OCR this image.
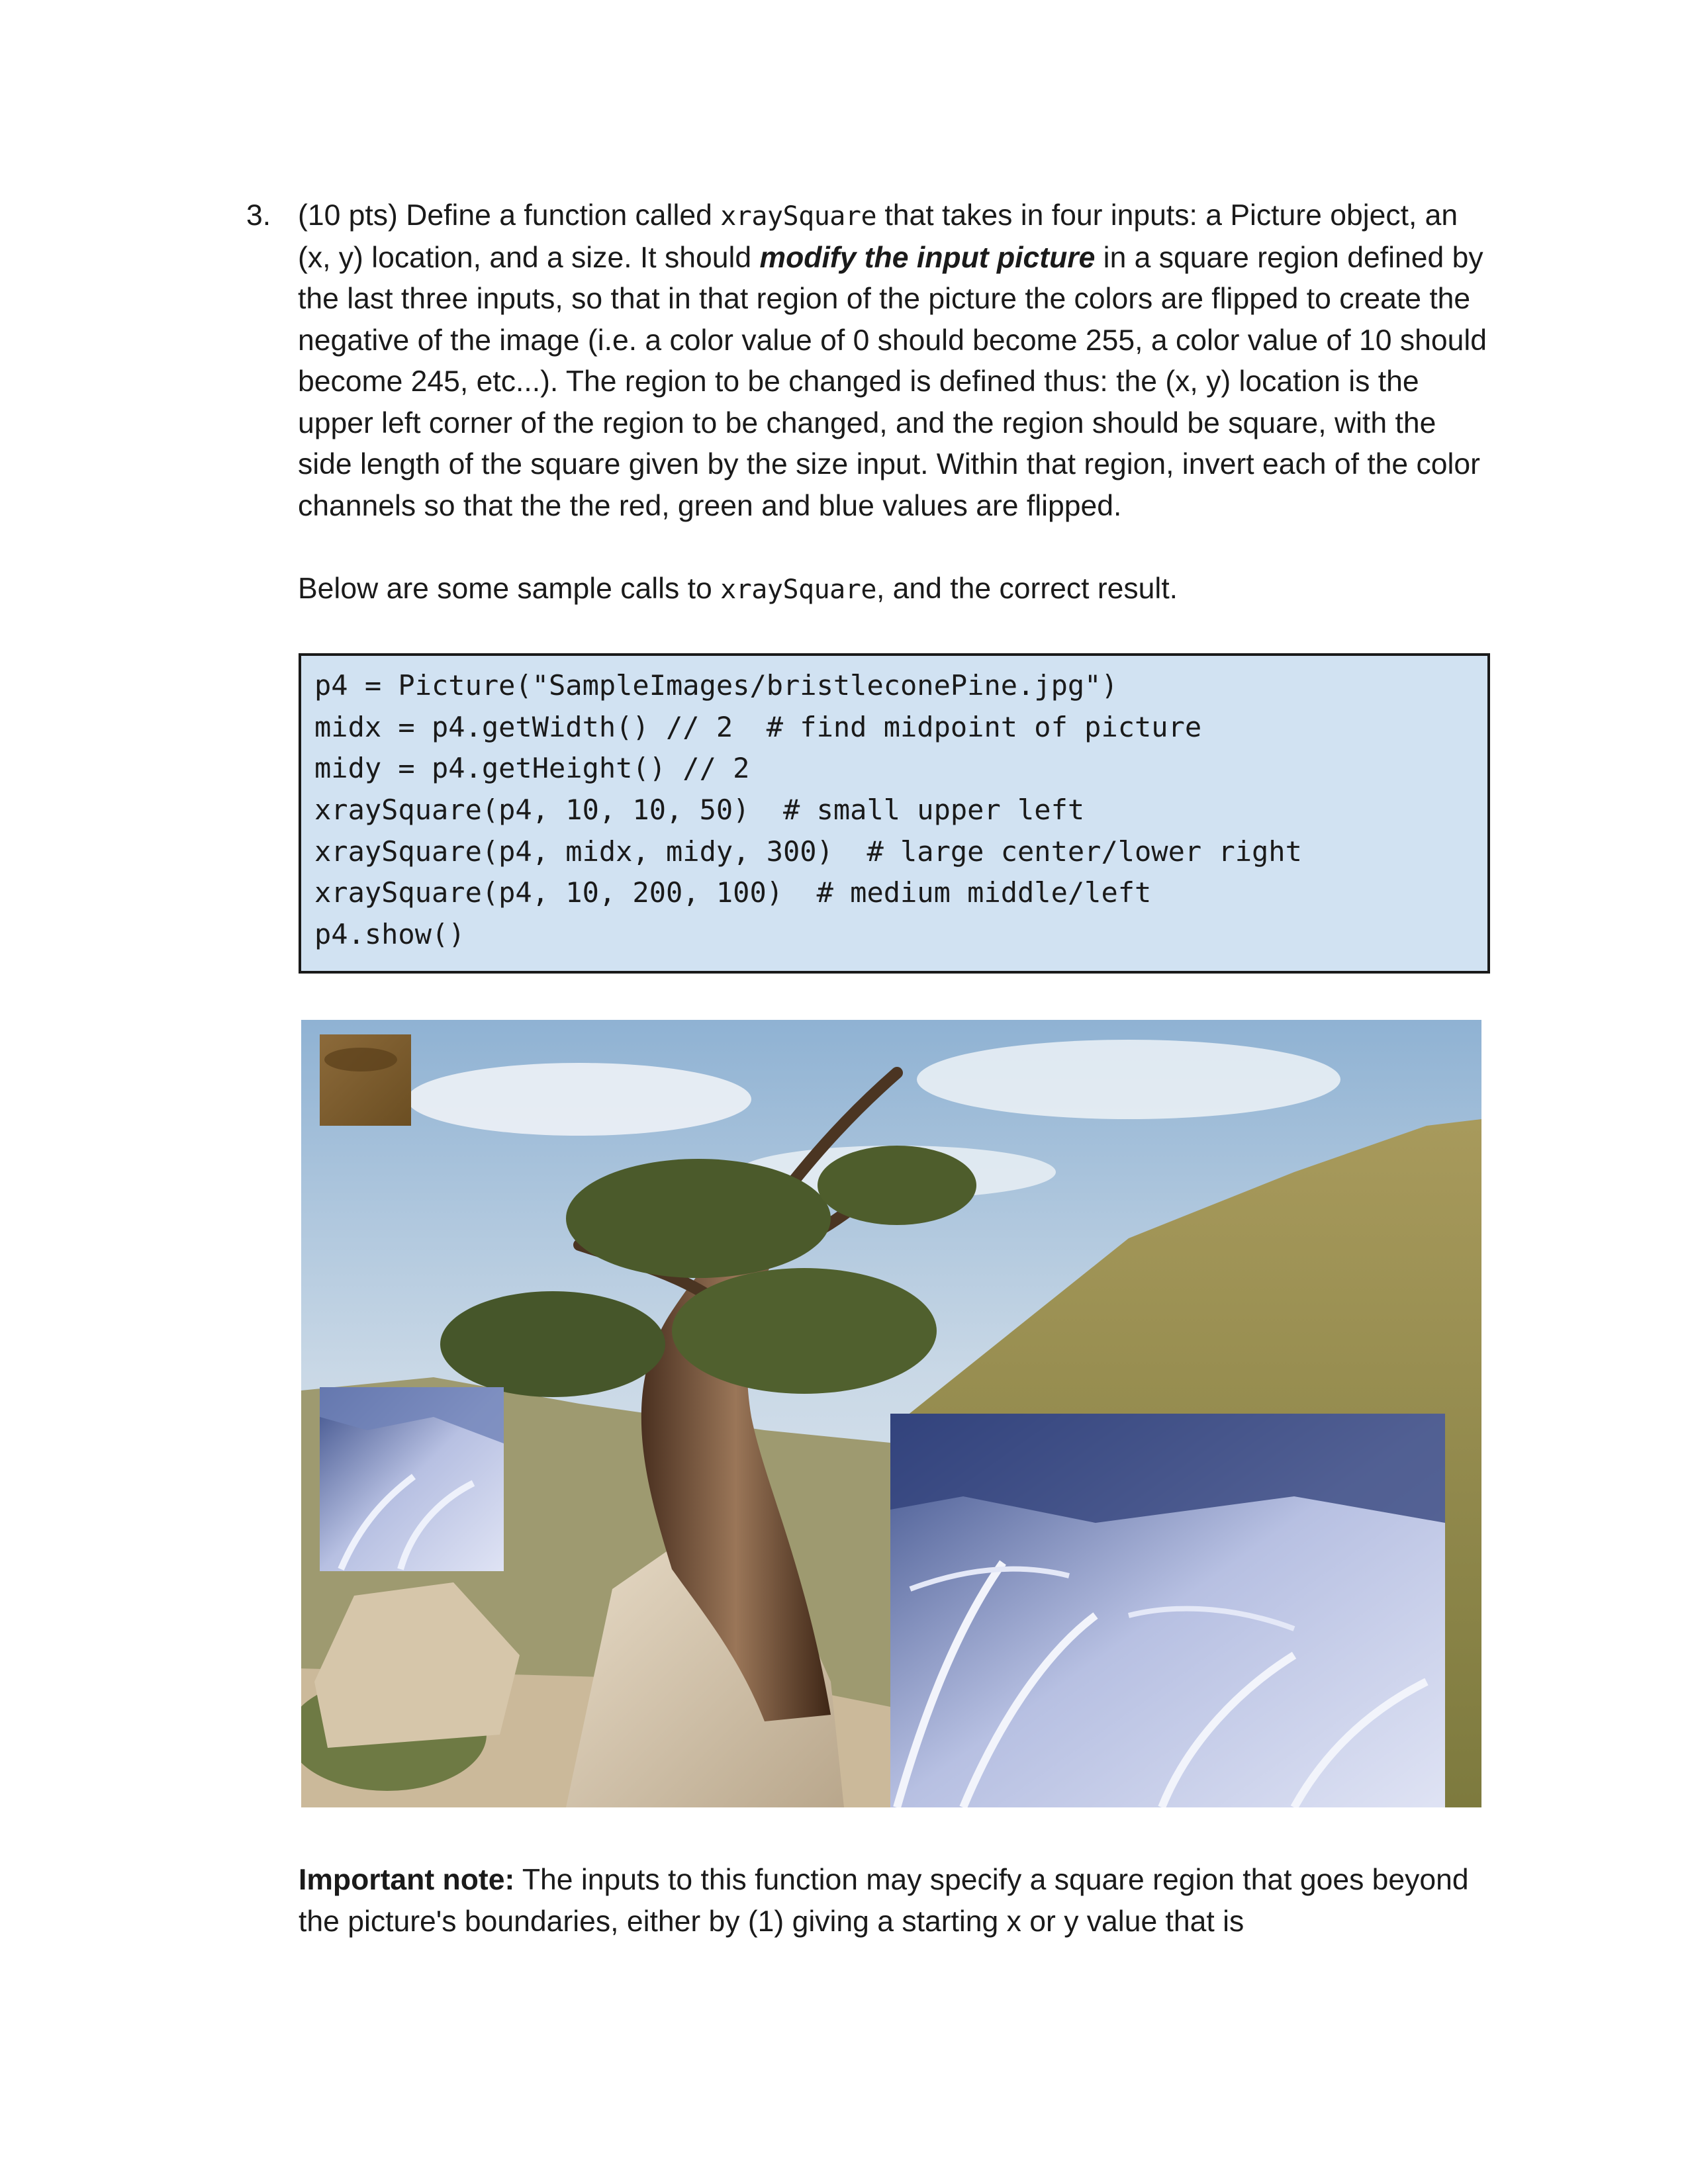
3. (10 pts) Define a function called xraySquare that takes in four inputs: a Picture object, an (x, y) location, and a size. It should modify the input picture in a square region defined by the last three inputs, so that in that region of the picture the colors are flipped to create the negative of the image (i.e. a color value of 0 should become 255, a color value of 10 should become 245, etc...). The region to be changed is defined thus: the (x, y) location is the upper left corner of the region to be changed, and the region should be square, with the side length of the square given by the size input. Within that region, invert each of the color channels so that the the red, green and blue values are flipped.

Below are some sample calls to xraySquare, and the correct result.

p4 = Picture("SampleImages/bristleconePine.jpg")
midx = p4.getWidth() // 2  # find midpoint of picture
midy = p4.getHeight() // 2
xraySquare(p4, 10, 10, 50)  # small upper left
xraySquare(p4, midx, midy, 300)  # large center/lower right
xraySquare(p4, 10, 200, 100)  # medium middle/left
p4.show()

Important note: The inputs to this function may specify a square region that goes beyond the picture's boundaries, either by (1) giving a starting x or y value that is
